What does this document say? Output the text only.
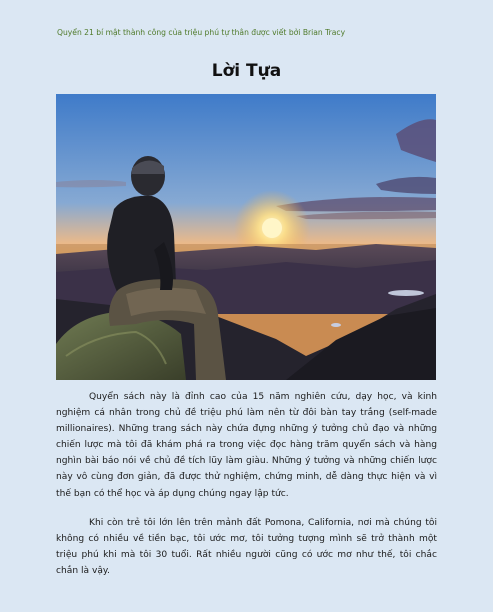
Quyển 21 bí mật thành công của triệu phú tự thân được viết bởi Brian Tracy
Lời Tựa

Quyển sách này là đỉnh cao của 15 năm nghiên cứu, dạy học, và kinh nghiệm cá nhân trong chủ đề triệu phú làm nên từ đôi bàn tay trắng (self-made millionaires). Những trang sách này chứa đựng những ý tưởng chủ đạo và những chiến lược mà tôi đã khám phá ra trong việc đọc hàng trăm quyển sách và hàng nghìn bài báo nói về chủ đề tích lũy làm giàu. Những ý tưởng và những chiến lược này vô cùng đơn giản, đã được thử nghiệm, chứng minh, dễ dàng thực hiện và vì thế bạn có thể học và áp dụng chúng ngay lập tức.

Khi còn trẻ tôi lớn lên trên mảnh đất Pomona, California, nơi mà chúng tôi không có nhiều về tiền bạc, tôi ước mơ, tôi tưởng tượng mình sẽ trở thành một triệu phú khi mà tôi 30 tuổi. Rất nhiều người cũng có ước mơ như thế, tôi chắc chắn là vậy.
